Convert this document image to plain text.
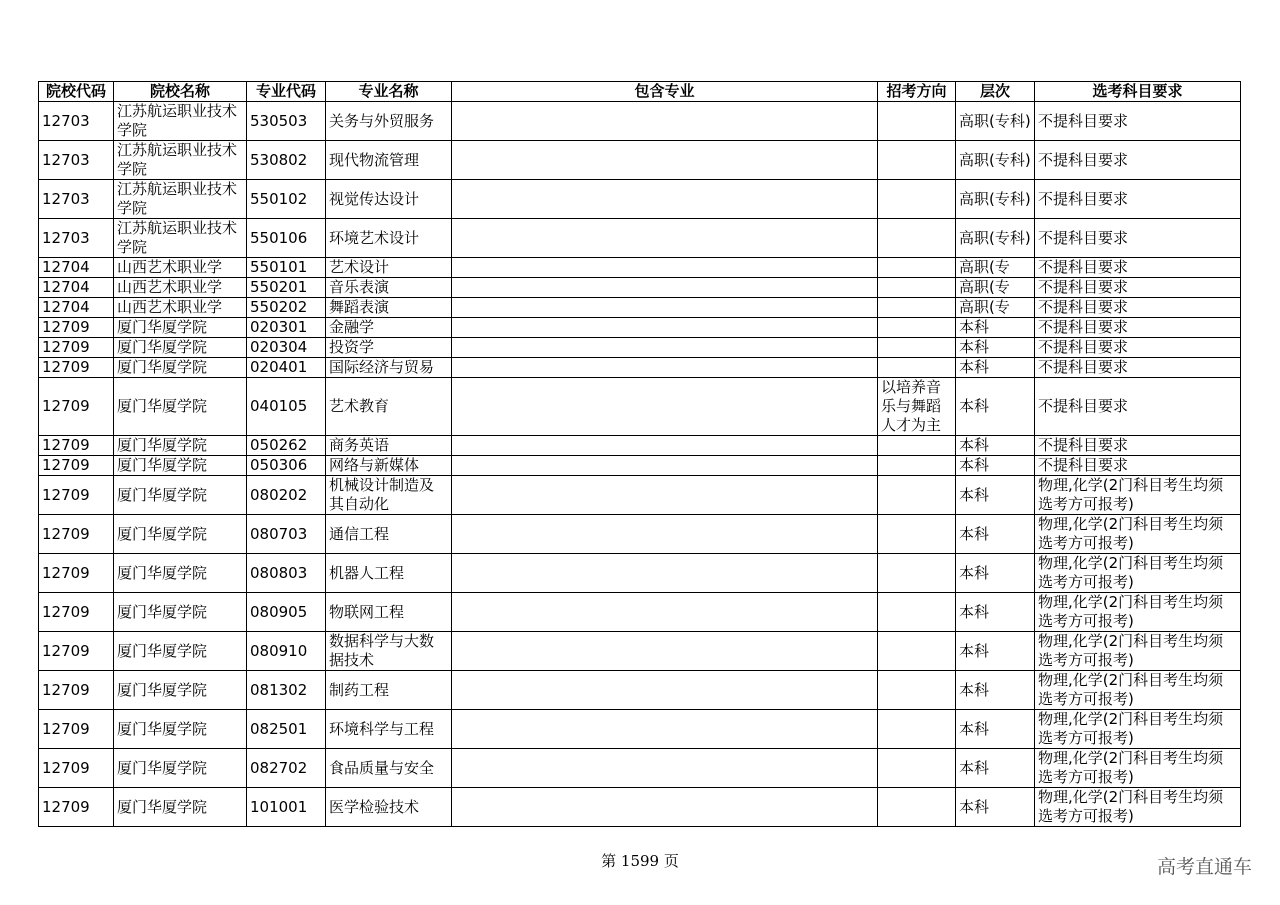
院校代码	院校名称	专业代码	专业名称	包含专业	招考方向	层次	选考科目要求
12703	江苏航运职业技术学院	530503	关务与外贸服务			高职(专科)	不提科目要求
12703	江苏航运职业技术学院	530802	现代物流管理			高职(专科)	不提科目要求
12703	江苏航运职业技术学院	550102	视觉传达设计			高职(专科)	不提科目要求
12703	江苏航运职业技术学院	550106	环境艺术设计			高职(专科)	不提科目要求

12704	山西艺术职业学	550101	艺术设计			高职(专	不提科目要求

12704	山西艺术职业学	550201	音乐表演			高职(专	不提科目要求

12704	山西艺术职业学	550202	舞蹈表演			高职(专	不提科目要求

12709	厦门华厦学院	020301	金融学			本科	不提科目要求

12709	厦门华厦学院	020304	投资学			本科	不提科目要求

12709	厦门华厦学院	020401	国际经济与贸易			本科	不提科目要求

12709	厦门华厦学院	040105	艺术教育		以培养音乐与舞蹈人才为主	本科	不提科目要求

12709	厦门华厦学院	050262	商务英语			本科	不提科目要求

12709	厦门华厦学院	050306	网络与新媒体			本科	不提科目要求

12709	厦门华厦学院	080202	机械设计制造及其自动化			本科	物理,化学(2门科目考生均须选考方可报考)
12709	厦门华厦学院	080703	通信工程			本科	物理,化学(2门科目考生均须选考方可报考)
12709	厦门华厦学院	080803	机器人工程			本科	物理,化学(2门科目考生均须选考方可报考)
12709	厦门华厦学院	080905	物联网工程			本科	物理,化学(2门科目考生均须选考方可报考)
12709	厦门华厦学院	080910	数据科学与大数据技术			本科	物理,化学(2门科目考生均须选考方可报考)
12709	厦门华厦学院	081302	制药工程			本科	物理,化学(2门科目考生均须选考方可报考)
12709	厦门华厦学院	082501	环境科学与工程			本科	物理,化学(2门科目考生均须选考方可报考)
12709	厦门华厦学院	082702	食品质量与安全			本科	物理,化学(2门科目考生均须选考方可报考)
12709	厦门华厦学院	101001	医学检验技术			本科	物理,化学(2门科目考生均须选考方可报考)
第 1599 页	高考直通车
